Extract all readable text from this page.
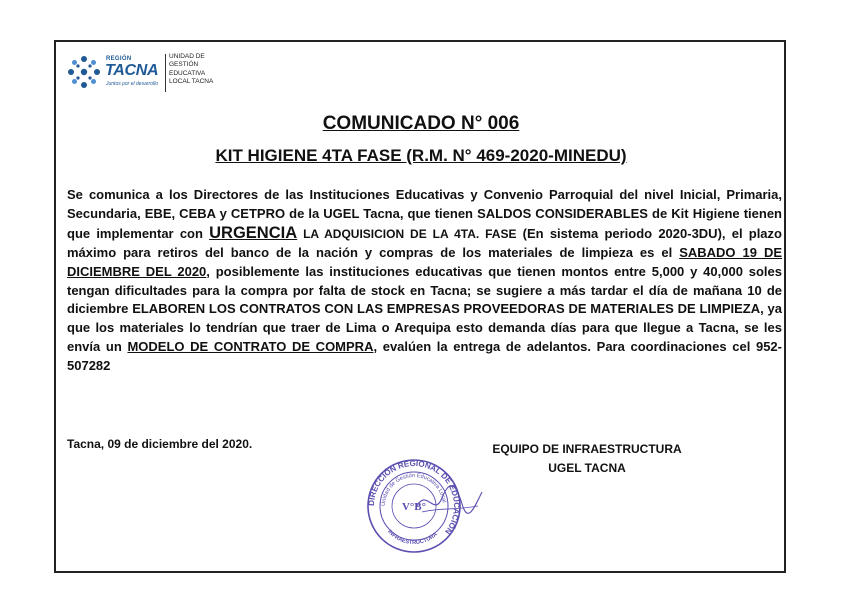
REGIÓN
TACNA
Juntos por el desarrollo
UNIDAD DE
GESTIÓN
EDUCATIVA
LOCAL TACNA
COMUNICADO N° 006
KIT HIGIENE 4TA FASE (R.M. N° 469-2020-MINEDU)
Se comunica a los Directores de las Instituciones Educativas y Convenio Parroquial del nivel Inicial, Primaria, Secundaria, EBE, CEBA y CETPRO de la UGEL Tacna, que tienen SALDOS CONSIDERABLES de Kit Higiene tienen que implementar con URGENCIA LA ADQUISICION DE LA 4TA. FASE (En sistema periodo 2020-3DU), el plazo máximo para retiros del banco de la nación y compras de los materiales de limpieza es el SABADO 19 DE DICIEMBRE DEL 2020, posiblemente las instituciones educativas que tienen montos entre 5,000 y 40,000 soles tengan dificultades para la compra por falta de stock en Tacna; se sugiere a más tardar el día de mañana 10 de diciembre ELABOREN LOS CONTRATOS CON LAS EMPRESAS PROVEEDORAS DE MATERIALES DE LIMPIEZA, ya que los materiales lo tendrían que traer de Lima o Arequipa esto demanda días para que llegue a Tacna, se les envía un MODELO DE CONTRATO DE COMPRA, evalúen la entrega de adelantos. Para coordinaciones cel 952-507282
Tacna, 09 de diciembre del 2020.	EQUIPO DE INFRAESTRUCTURA
UGEL TACNA
DIRECCIÓN REGIONAL DE EDUCACIÓN
Unidad de Gestión Educativa Local
INFRAESTRUCTURA
V°B°
